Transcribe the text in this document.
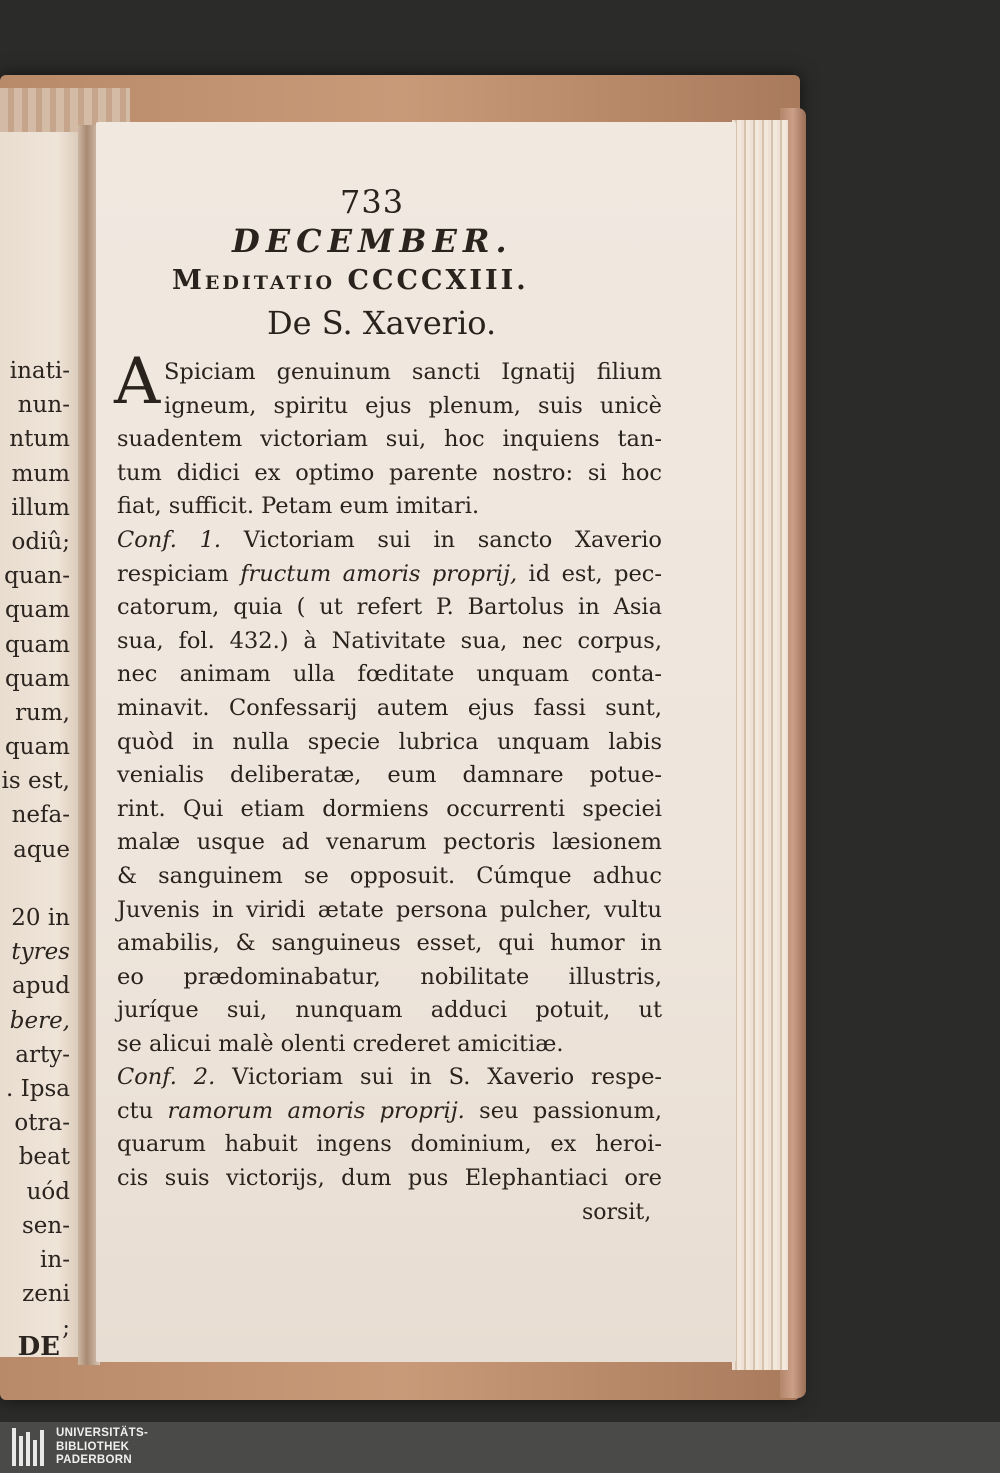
inati-
nun-
ntum
mum
illum
odiû;
quan-
quam
quam
quam
rum,
quam
is est,
nefa-
aque
20 in
tyres
apud
bere,
arty-
. Ipsa
otra-
beat
uód
sen-
in-
zeni
;
DE
733
DECEMBER.
Meditatio CCCCXIII.
De S. Xaverio.
A Spiciam genuinum sancti Ignatij filium
igneum, spiritu ejus plenum, suis unicè
suadentem victoriam sui, hoc inquiens tan-
tum didici ex optimo parente nostro: si hoc
fiat, sufficit. Petam eum imitari.
Conf. 1. Victoriam sui in sancto Xaverio
respiciam fructum amoris proprij, id est, pec-
catorum, quia ( ut refert P. Bartolus in Asia
sua, fol. 432.) à Nativitate sua, nec corpus,
nec animam ulla fœditate unquam conta-
minavit. Confessarij autem ejus fassi sunt,
quòd in nulla specie lubrica unquam labis
venialis deliberatæ, eum damnare potue-
rint. Qui etiam dormiens occurrenti speciei
malæ usque ad venarum pectoris læsionem
& sanguinem se opposuit. Cúmque adhuc
Juvenis in viridi ætate persona pulcher, vultu
amabilis, & sanguineus esset, qui humor in
eo prædominabatur, nobilitate illustris,
juríque sui, nunquam adduci potuit, ut
se alicui malè olenti crederet amicitiæ.
Conf. 2. Victoriam sui in S. Xaverio respe-
ctu ramorum amoris proprij. seu passionum,
quarum habuit ingens dominium, ex heroi-
cis suis victorijs, dum pus Elephantiaci ore
sorsit,
UNIVERSITÄTS-
BIBLIOTHEK
PADERBORN
